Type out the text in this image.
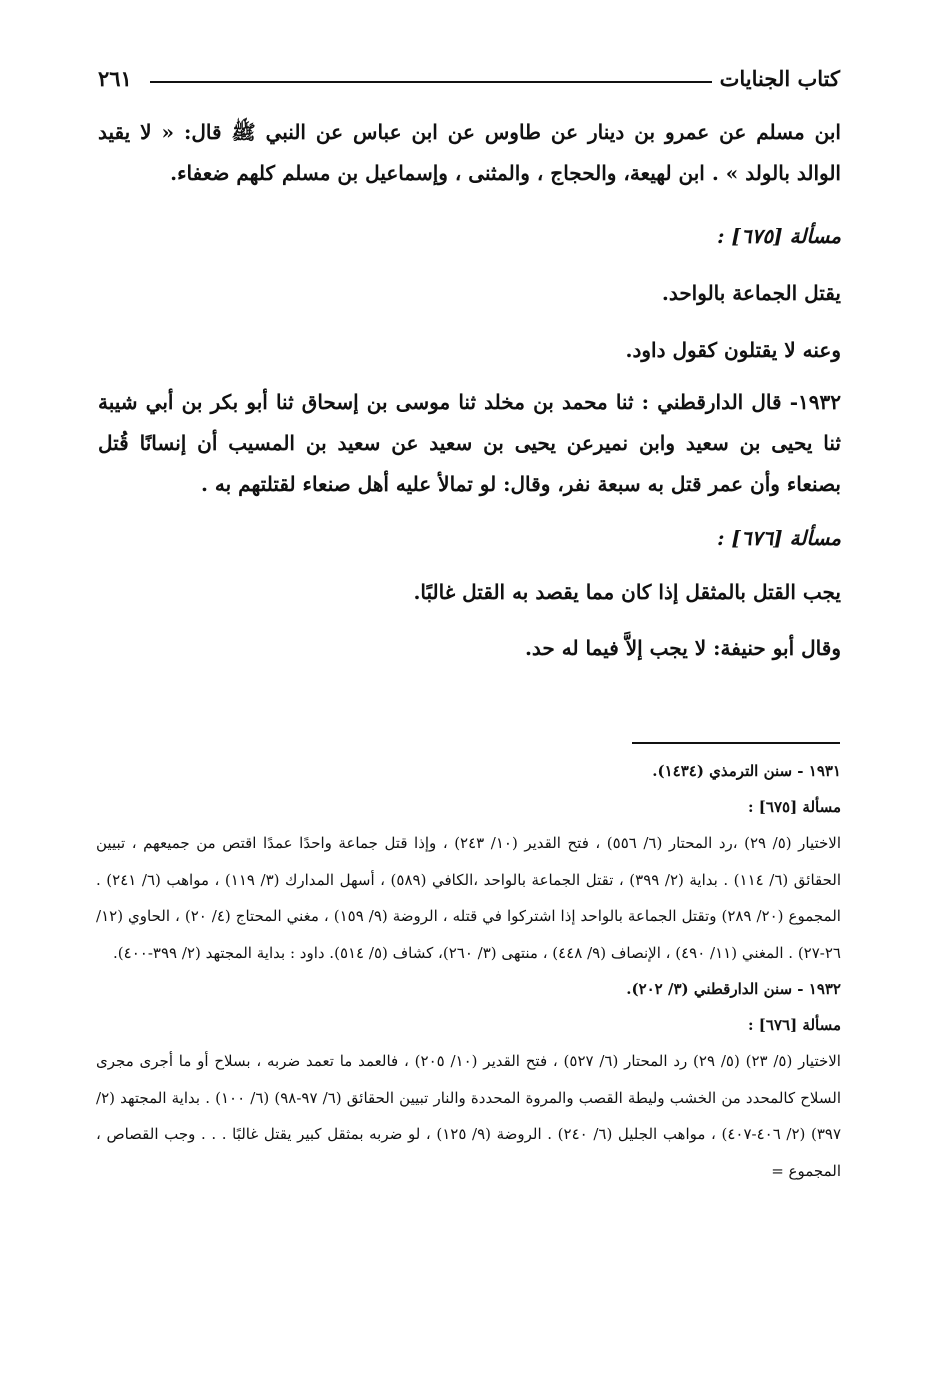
كتاب الجنايات
٢٦١

ابن مسلم عن عمرو بن دينار عن طاوس عن ابن عباس عن النبي ﷺ قال: « لا يقيد الوالد بالولد » . ابن لهيعة، والحجاج ، والمثنى ، وإسماعيل بن مسلم كلهم ضعفاء.

مسألة [٦٧٥] :

يقتل الجماعة بالواحد.

وعنه لا يقتلون كقول داود.

١٩٣٢- قال الدارقطني : ثنا محمد بن مخلد ثنا موسى بن إسحاق ثنا أبو بكر بن أبي شيبة ثنا يحيى بن سعيد وابن نميرعن يحيى بن سعيد عن سعيد بن المسيب أن إنسانًا قُتل بصنعاء وأن عمر قتل به سبعة نفر، وقال: لو تمالأ عليه أهل صنعاء لقتلتهم به .

مسألة [٦٧٦] :

يجب القتل بالمثقل إذا كان مما يقصد به القتل غالبًا.

وقال أبو حنيفة: لا يجب إلاَّ فيما له حد.

١٩٣١ - سنن الترمذي (١٤٣٤).

مسألة [٦٧٥] :

الاختيار (٥/ ٢٩) ،رد المحتار (٦/ ٥٥٦) ، فتح القدير (١٠/ ٢٤٣) ، وإذا قتل جماعة واحدًا عمدًا اقتص من جميعهم ، تبيين الحقائق (٦/ ١١٤) . بداية (٢/ ٣٩٩) ، تقتل الجماعة بالواحد ،الكافي (٥٨٩) ، أسهل المدارك (٣/ ١١٩) ، مواهب (٦/ ٢٤١) . المجموع (٢٠/ ٢٨٩) وتقتل الجماعة بالواحد إذا اشتركوا في قتله ، الروضة (٩/ ١٥٩) ، مغني المحتاج (٤/ ٢٠) ، الحاوي (١٢/ ٢٦-٢٧) . المغني (١١/ ٤٩٠) ، الإنصاف (٩/ ٤٤٨) ، منتهى (٣/ ٢٦٠)، كشاف (٥/ ٥١٤). داود : بداية المجتهد (٢/ ٣٩٩-٤٠٠).

١٩٣٢ - سنن الدارقطني (٣/ ٢٠٢).

مسألة [٦٧٦] :

الاختيار (٥/ ٢٣) (٥/ ٢٩) رد المحتار (٦/ ٥٢٧) ، فتح القدير (١٠/ ٢٠٥) ، فالعمد ما تعمد ضربه ، بسلاح أو ما أجرى مجرى السلاح كالمحدد من الخشب وليطة القصب والمروة المحددة والنار تبيين الحقائق (٦/ ٩٧-٩٨) (٦/ ١٠٠) . بداية المجتهد (٢/ ٣٩٧) (٢/ ٤٠٦-٤٠٧) ، مواهب الجليل (٦/ ٢٤٠) . الروضة (٩/ ١٢٥) ، لو ضربه بمثقل كبير يقتل غالبًا . . . وجب القصاص ، المجموع =
